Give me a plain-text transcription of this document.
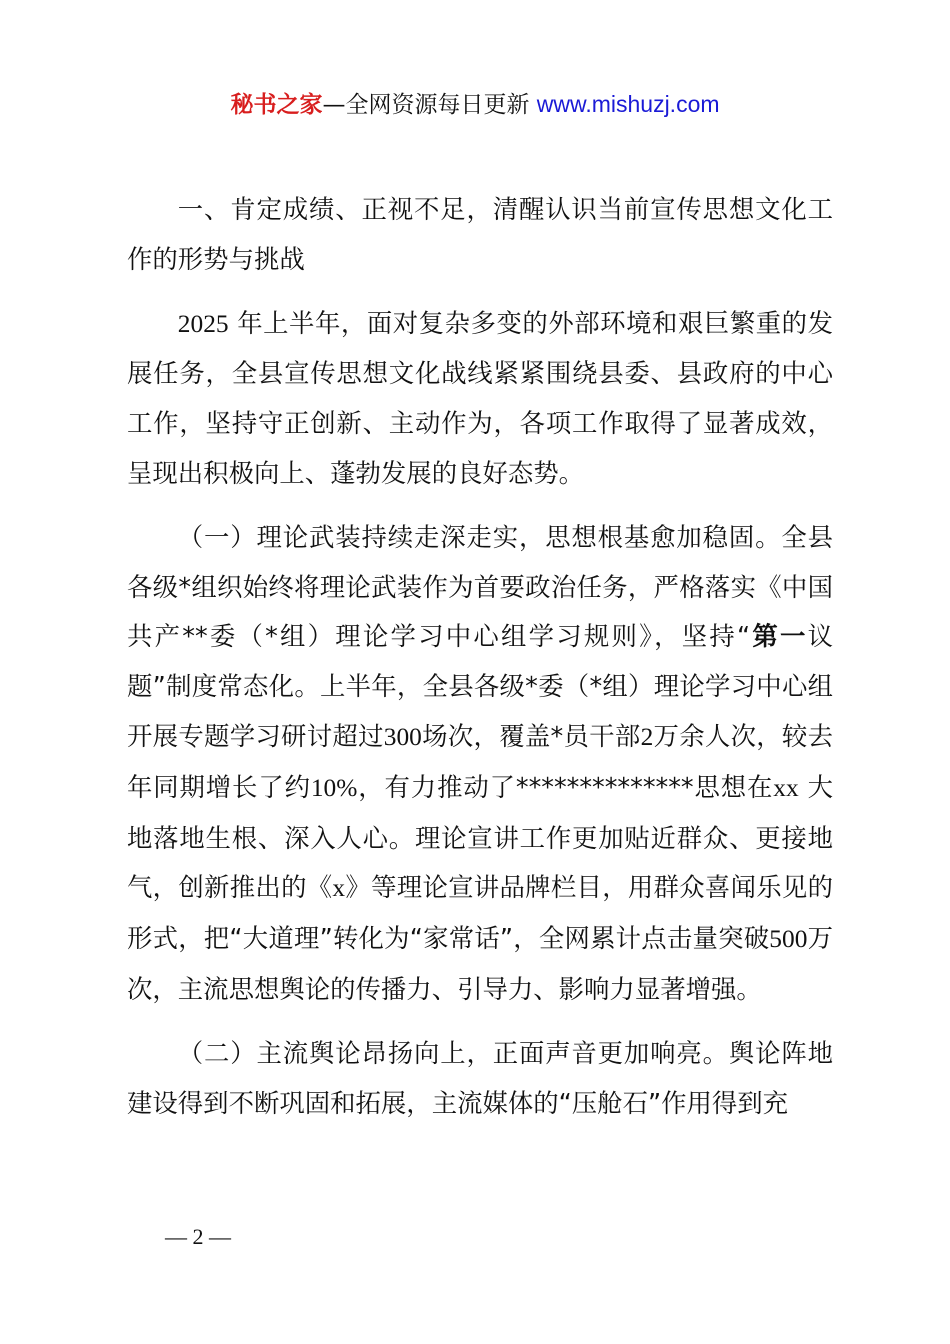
秘书之家—全网资源每日更新 www.mishuzj.com

一、肯定成绩、正视不足，清醒认识当前宣传思想文化工作的形势与挑战

2025 年上半年，面对复杂多变的外部环境和艰巨繁重的发展任务，全县宣传思想文化战线紧紧围绕县委、县政府的中心工作，坚持守正创新、主动作为，各项工作取得了显著成效，呈现出积极向上、蓬勃发展的良好态势。

（一）理论武装持续走深走实，思想根基愈加稳固。全县各级*组织始终将理论武装作为首要政治任务，严格落实《中国共产**委（*组）理论学习中心组学习规则》，坚持“第一议题”制度常态化。上半年，全县各级*委（*组）理论学习中心组开展专题学习研讨超过300场次，覆盖*员干部2万余人次，较去年同期增长了约10%，有力推动了**************思想在xx 大地落地生根、深入人心。理论宣讲工作更加贴近群众、更接地气，创新推出的《x》等理论宣讲品牌栏目，用群众喜闻乐见的形式，把“大道理”转化为“家常话”，全网累计点击量突破500万次，主流思想舆论的传播力、引导力、影响力显著增强。

（二）主流舆论昂扬向上，正面声音更加响亮。舆论阵地建设得到不断巩固和拓展，主流媒体的“压舱石”作用得到充

— 2 —
